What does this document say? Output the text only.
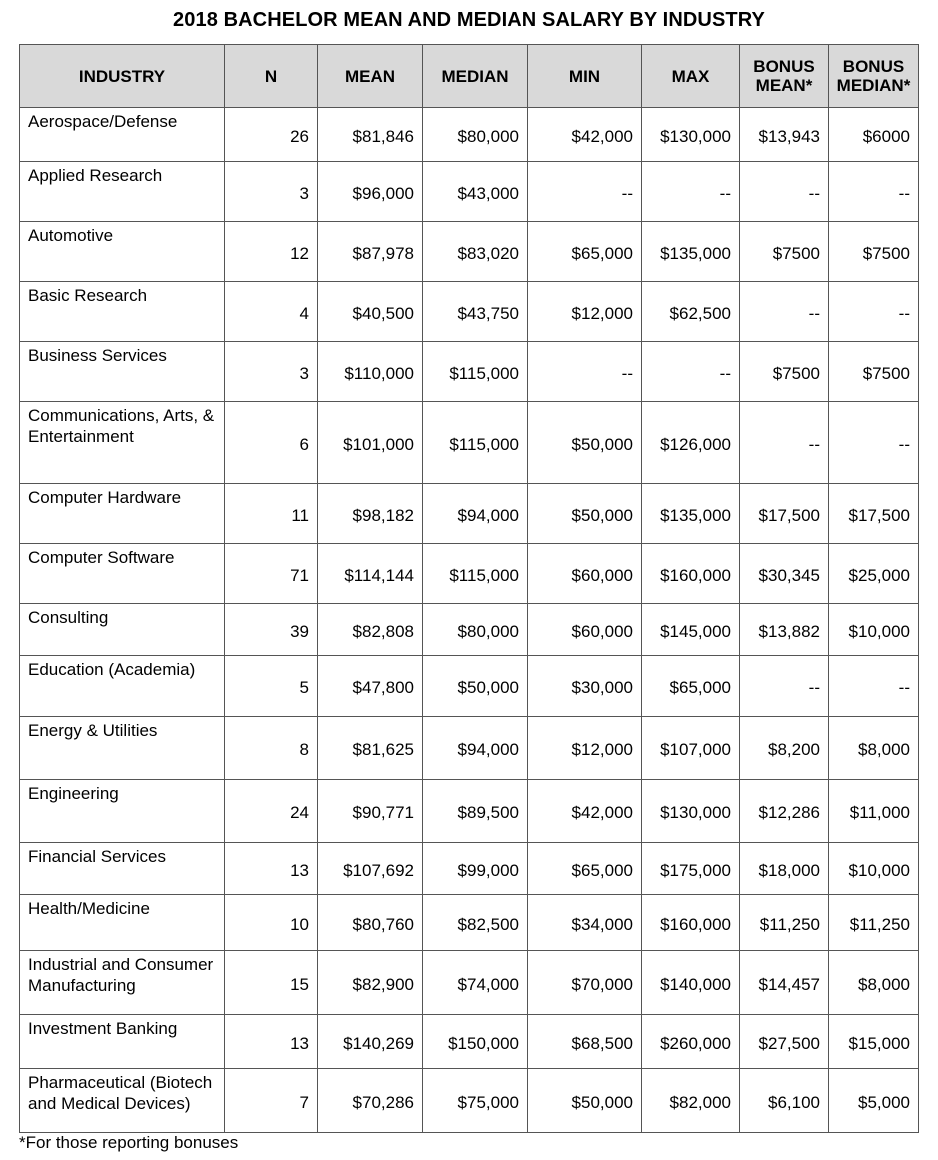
2018 BACHELOR MEAN AND MEDIAN SALARY BY INDUSTRY
INDUSTRY	N	MEAN	MEDIAN	MIN	MAX	BONUS MEAN*	BONUS MEDIAN*
Aerospace/Defense	26	$81,846	$80,000	$42,000	$130,000	$13,943	$6000
Applied Research	3	$96,000	$43,000	--	--	--	--
Automotive	12	$87,978	$83,020	$65,000	$135,000	$7500	$7500
Basic Research	4	$40,500	$43,750	$12,000	$62,500	--	--
Business Services	3	$110,000	$115,000	--	--	$7500	$7500
Communications, Arts, & Entertainment	6	$101,000	$115,000	$50,000	$126,000	--	--
Computer Hardware	11	$98,182	$94,000	$50,000	$135,000	$17,500	$17,500
Computer Software	71	$114,144	$115,000	$60,000	$160,000	$30,345	$25,000
Consulting	39	$82,808	$80,000	$60,000	$145,000	$13,882	$10,000
Education (Academia)	5	$47,800	$50,000	$30,000	$65,000	--	--
Energy & Utilities	8	$81,625	$94,000	$12,000	$107,000	$8,200	$8,000
Engineering	24	$90,771	$89,500	$42,000	$130,000	$12,286	$11,000
Financial Services	13	$107,692	$99,000	$65,000	$175,000	$18,000	$10,000
Health/Medicine	10	$80,760	$82,500	$34,000	$160,000	$11,250	$11,250
Industrial and Consumer Manufacturing	15	$82,900	$74,000	$70,000	$140,000	$14,457	$8,000
Investment Banking	13	$140,269	$150,000	$68,500	$260,000	$27,500	$15,000
Pharmaceutical (Biotech and Medical Devices)	7	$70,286	$75,000	$50,000	$82,000	$6,100	$5,000
*For those reporting bonuses
